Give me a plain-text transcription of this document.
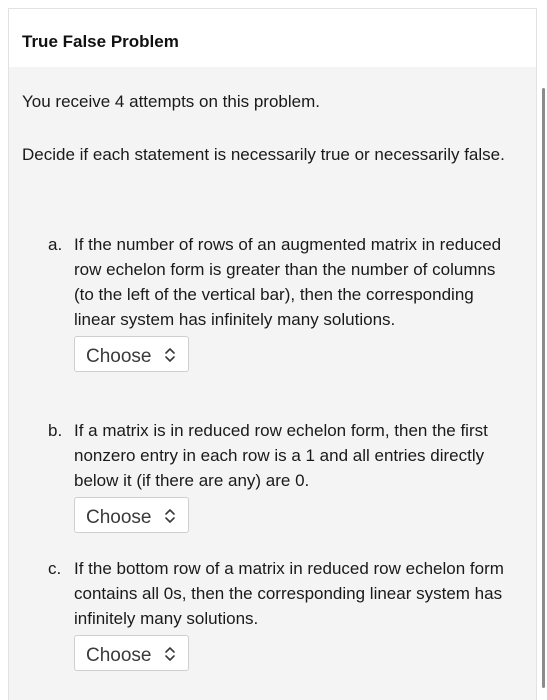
True False Problem
You receive 4 attempts on this problem.
Decide if each statement is necessarily true or necessarily false.
a. If the number of rows of an augmented matrix in reduced row echelon form is greater than the number of columns (to the left of the vertical bar), then the corresponding linear system has infinitely many solutions.
Choose
b. If a matrix is in reduced row echelon form, then the first nonzero entry in each row is a 1 and all entries directly below it (if there are any) are 0.
Choose
c. If the bottom row of a matrix in reduced row echelon form contains all 0s, then the corresponding linear system has infinitely many solutions.
Choose
